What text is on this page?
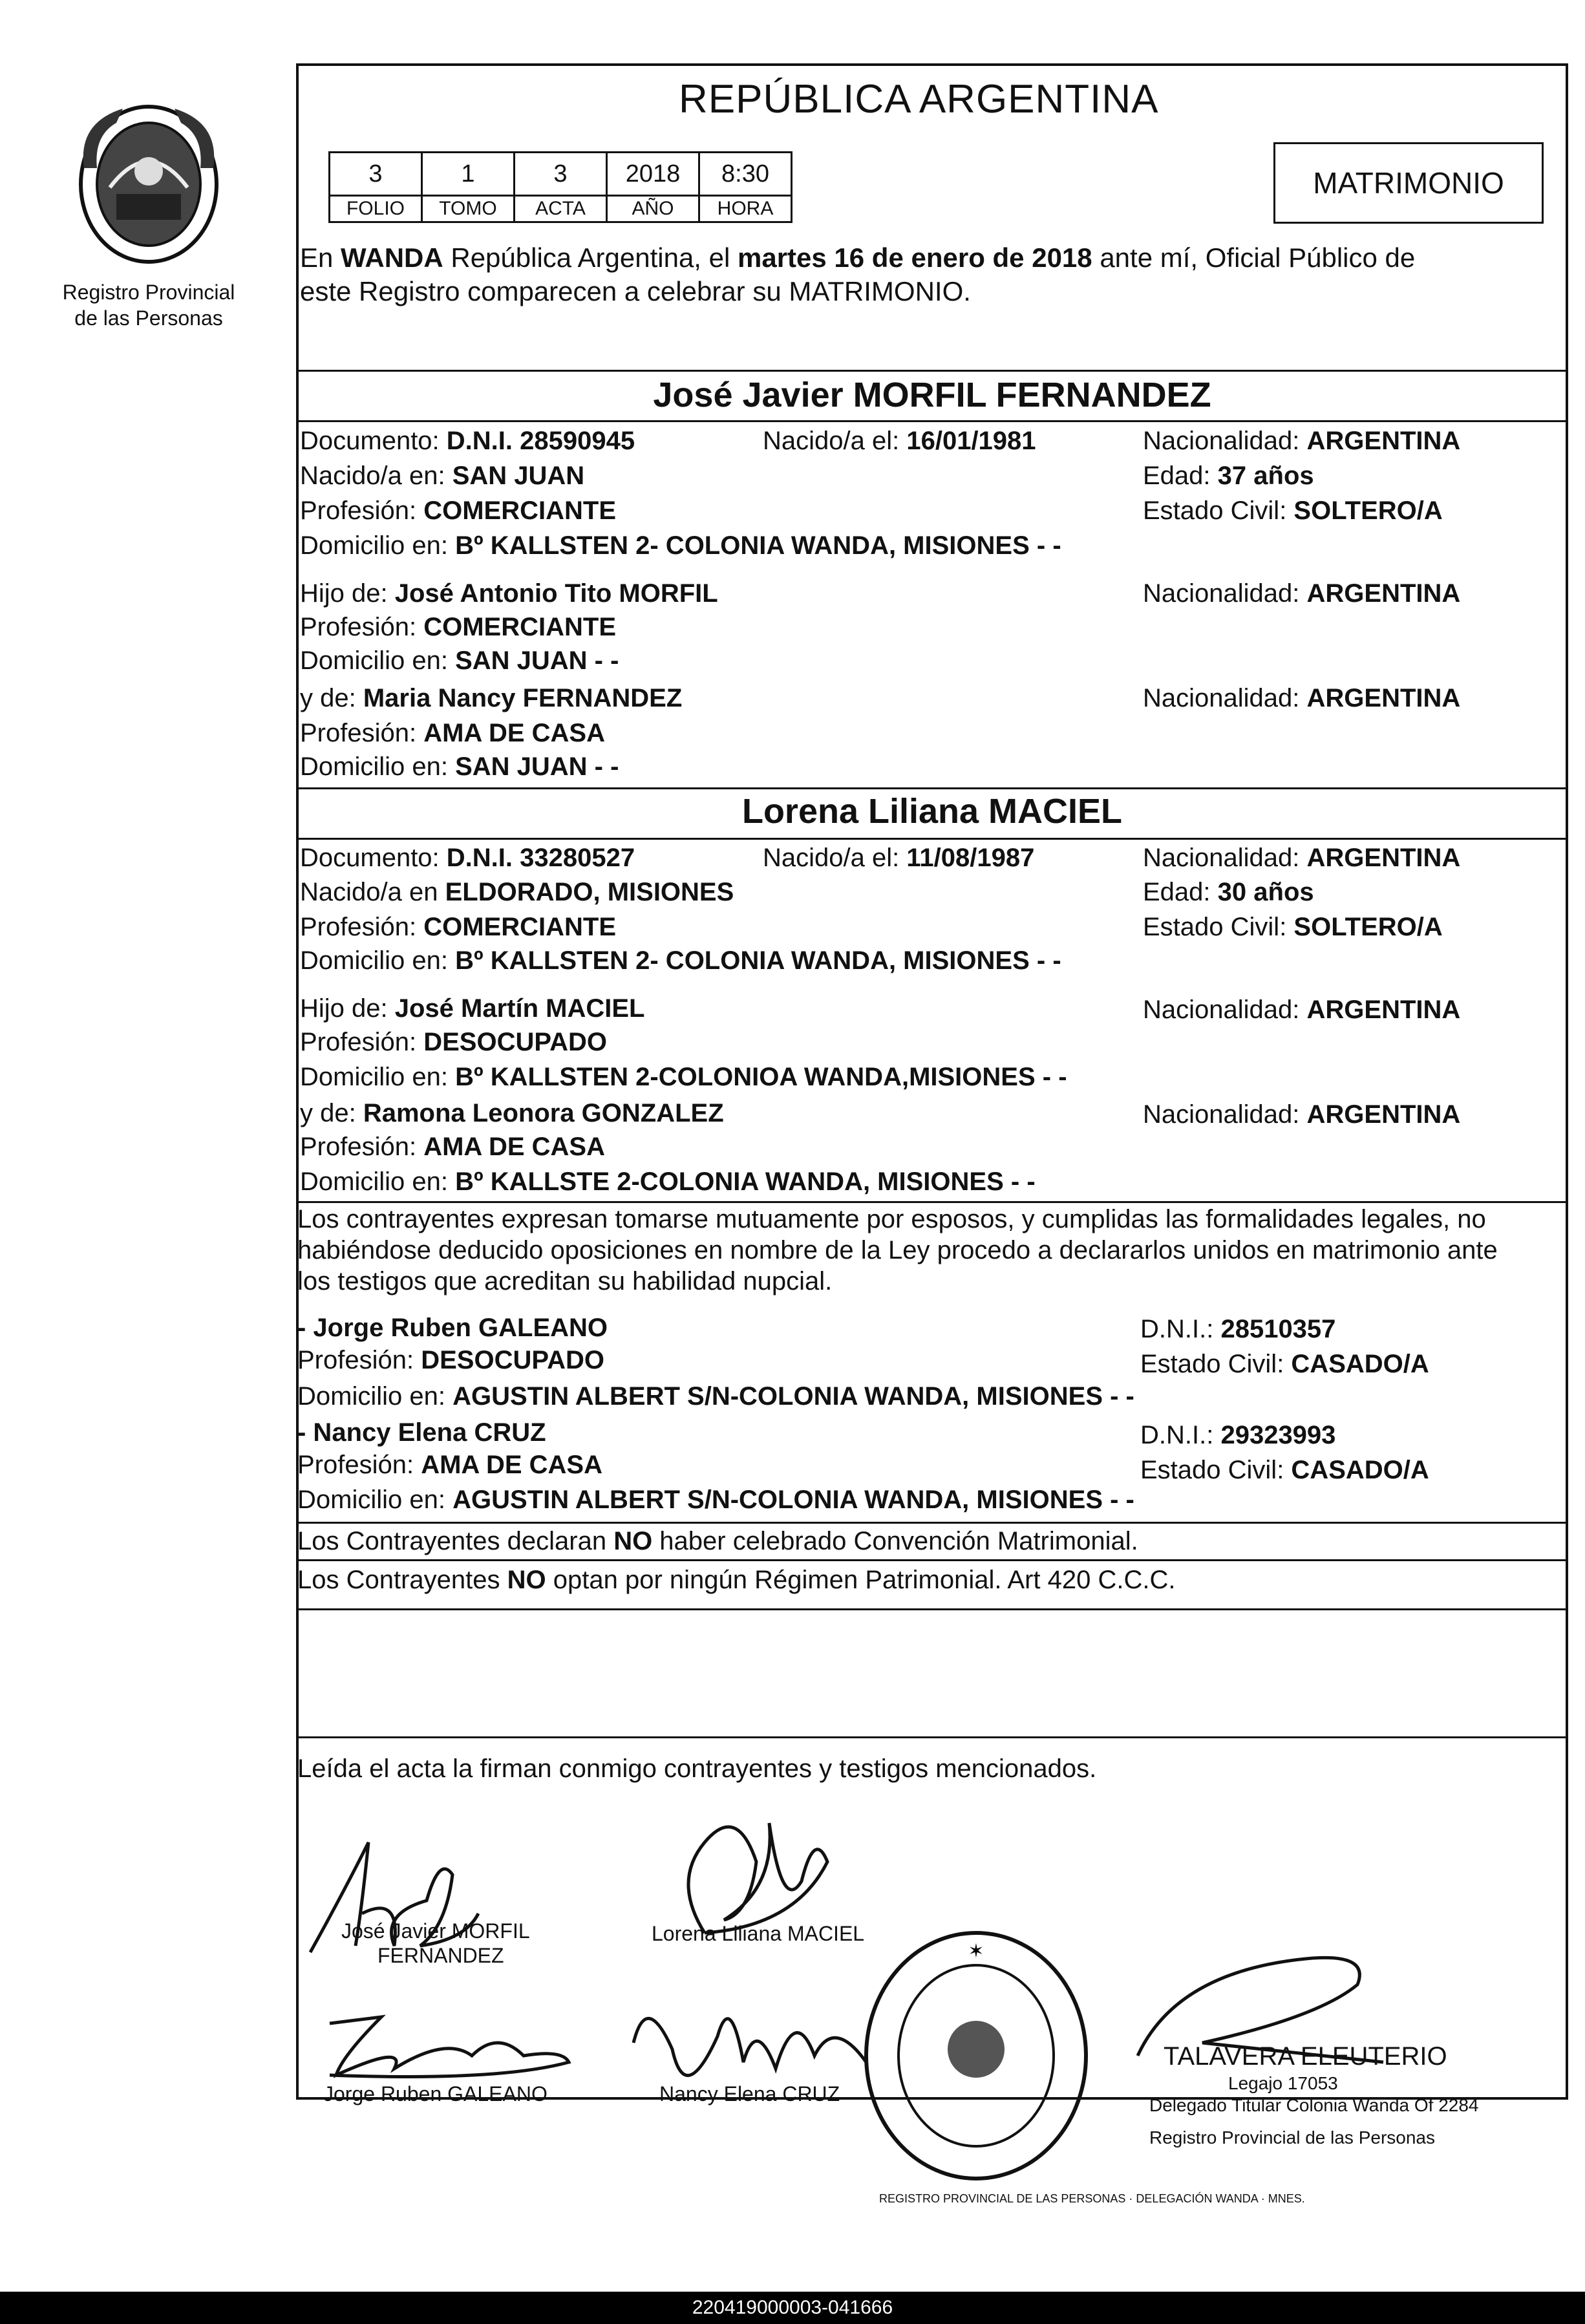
Registro Provincial de las Personas
REPÚBLICA ARGENTINA
3	1	3	2018	8:30
FOLIO	TOMO	ACTA	AÑO	HORA
MATRIMONIO
En WANDA República Argentina, el martes 16 de enero de 2018 ante mí, Oficial Público de
este Registro comparecen a celebrar su MATRIMONIO.
José Javier MORFIL FERNANDEZ
Documento: D.N.I. 28590945	Nacido/a el: 16/01/1981	Nacionalidad: ARGENTINA
Nacido/a en: SAN JUAN	Edad: 37 años
Profesión: COMERCIANTE	Estado Civil: SOLTERO/A
Domicilio en: Bº KALLSTEN 2- COLONIA WANDA, MISIONES - -
Hijo de: José Antonio Tito MORFIL	Nacionalidad: ARGENTINA
Profesión: COMERCIANTE
Domicilio en: SAN JUAN - -
y de: Maria Nancy FERNANDEZ	Nacionalidad: ARGENTINA
Profesión: AMA DE CASA
Domicilio en: SAN JUAN - -
Lorena Liliana MACIEL
Documento: D.N.I. 33280527	Nacido/a el: 11/08/1987	Nacionalidad: ARGENTINA
Nacido/a en ELDORADO, MISIONES	Edad: 30 años
Profesión: COMERCIANTE	Estado Civil: SOLTERO/A
Domicilio en: Bº KALLSTEN 2- COLONIA WANDA, MISIONES - -
Hijo de: José Martín MACIEL	Nacionalidad: ARGENTINA
Profesión: DESOCUPADO
Domicilio en: Bº KALLSTEN 2-COLONIOA WANDA,MISIONES - -
y de: Ramona Leonora GONZALEZ	Nacionalidad: ARGENTINA
Profesión: AMA DE CASA
Domicilio en: Bº KALLSTE 2-COLONIA WANDA, MISIONES - -
Los contrayentes expresan tomarse mutuamente por esposos, y cumplidas las formalidades legales, no
habiéndose deducido oposiciones en nombre de la Ley procedo a declararlos unidos en matrimonio ante
los testigos que acreditan su habilidad nupcial.
- Jorge Ruben GALEANO	D.N.I.: 28510357
Profesión: DESOCUPADO	Estado Civil: CASADO/A
Domicilio en: AGUSTIN ALBERT S/N-COLONIA WANDA, MISIONES - -
- Nancy Elena CRUZ	D.N.I.: 29323993
Profesión: AMA DE CASA	Estado Civil: CASADO/A
Domicilio en: AGUSTIN ALBERT S/N-COLONIA WANDA, MISIONES - -
Los Contrayentes declaran NO haber celebrado Convención Matrimonial.
Los Contrayentes NO optan por ningún Régimen Patrimonial. Art 420 C.C.C.
Leída el acta la firman conmigo contrayentes y testigos mencionados.
José Javier MORFIL
FERNANDEZ
Lorena Liliana MACIEL
Jorge Ruben GALEANO	Nancy Elena CRUZ
✶
REGISTRO PROVINCIAL DE LAS PERSONAS · DELEGACIÓN WANDA · MNES.
TALAVERA ELEUTERIO
Legajo 17053
Delegado Titular Colonia Wanda Of 2284
Registro Provincial de las Personas
220419000003-041666
